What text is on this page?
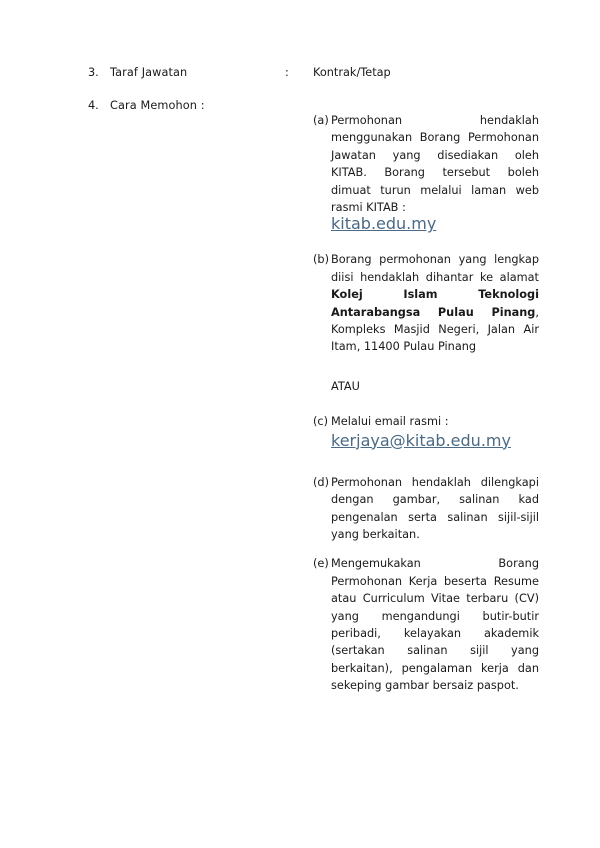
3. Taraf Jawatan	: Kontrak/Tetap
4. Cara Memohon :
(a) Permohonan hendaklah menggunakan Borang Permohonan Jawatan yang disediakan oleh KITAB. Borang tersebut boleh dimuat turun melalui laman web rasmi KITAB :
kitab.edu.my
(b) Borang permohonan yang lengkap diisi hendaklah dihantar ke alamat Kolej Islam Teknologi Antarabangsa Pulau Pinang, Kompleks Masjid Negeri, Jalan Air Itam, 11400 Pulau Pinang
ATAU
(c) Melalui email rasmi :
kerjaya@kitab.edu.my
(d) Permohonan hendaklah dilengkapi dengan gambar, salinan kad pengenalan serta salinan sijil-sijil yang berkaitan.
(e) Mengemukakan Borang Permohonan Kerja beserta Resume atau Curriculum Vitae terbaru (CV) yang mengandungi butir-butir peribadi, kelayakan akademik (sertakan salinan sijil yang berkaitan), pengalaman kerja dan sekeping gambar bersaiz paspot.
